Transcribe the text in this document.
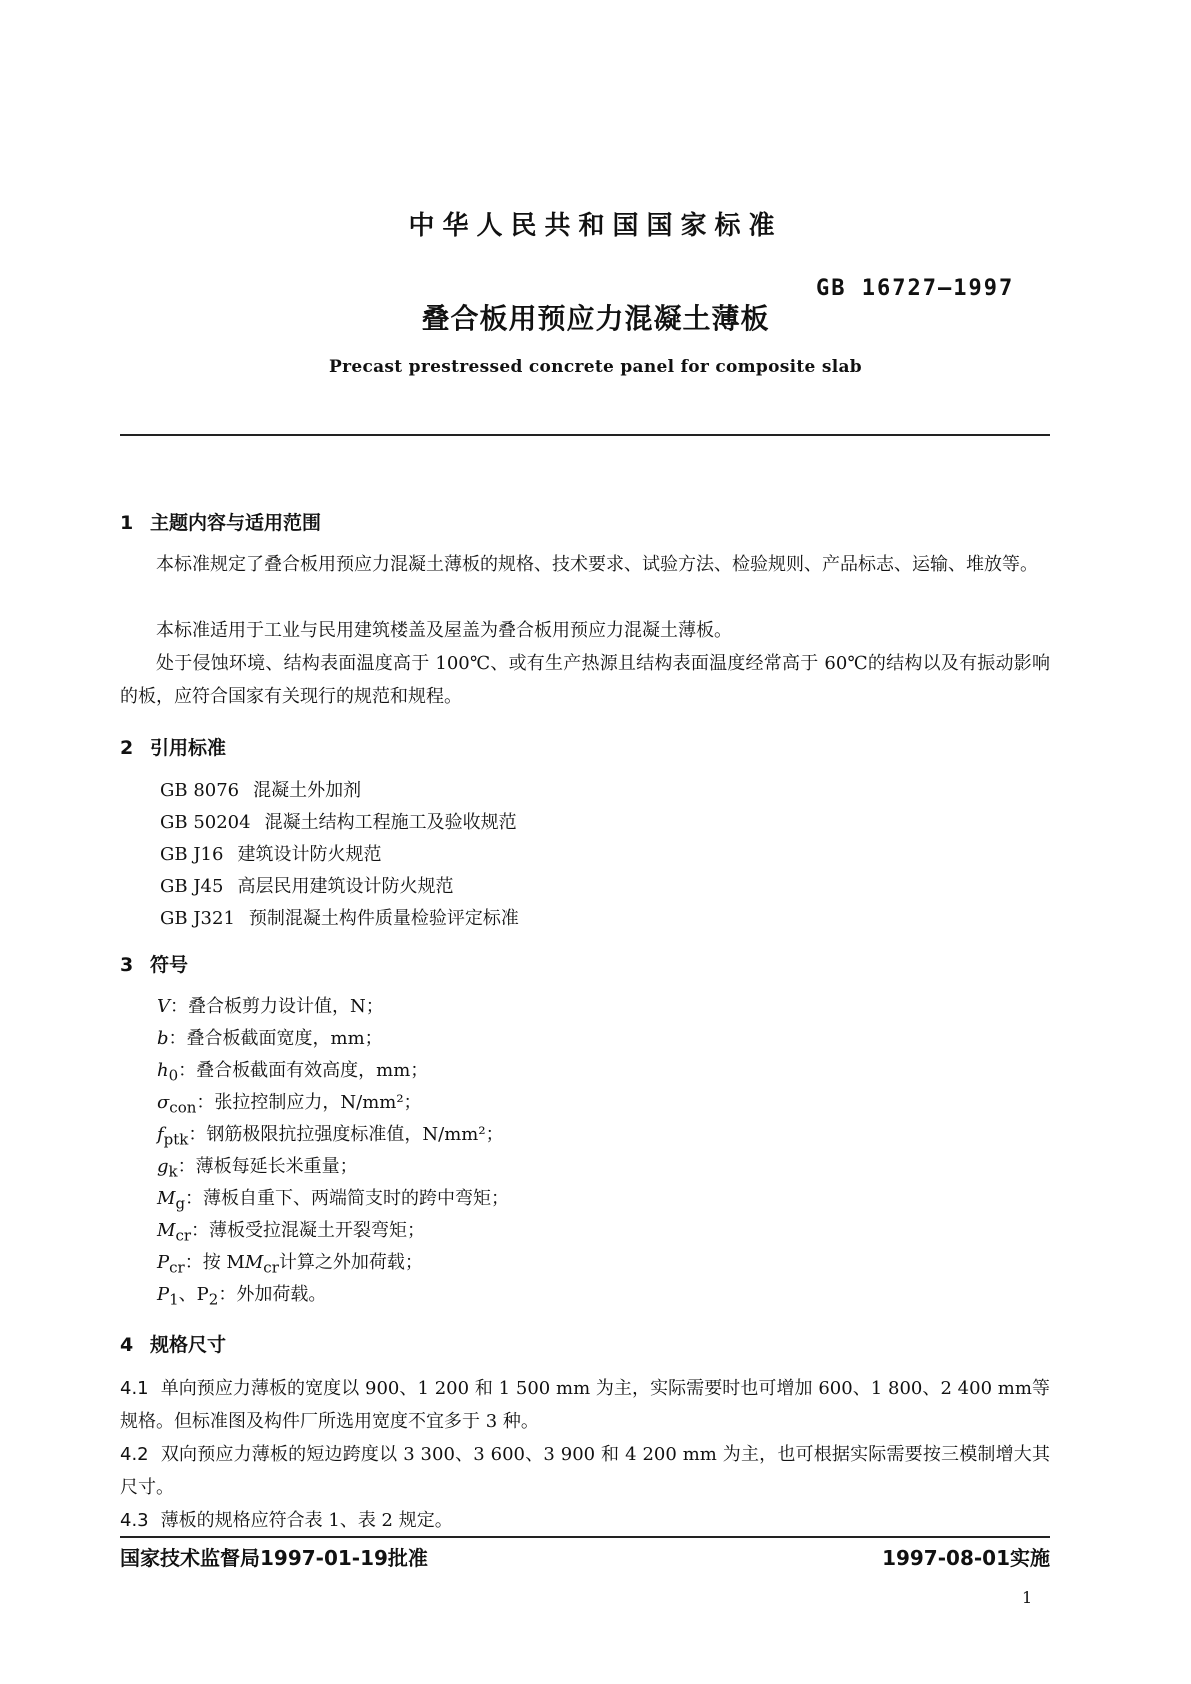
中华人民共和国国家标准
GB 16727—1997
叠合板用预应力混凝土薄板
Precast prestressed concrete panel for composite slab
1 主题内容与适用范围
本标准规定了叠合板用预应力混凝土薄板的规格、技术要求、试验方法、检验规则、产品标志、运输、堆放等。
本标准适用于工业与民用建筑楼盖及屋盖为叠合板用预应力混凝土薄板。
处于侵蚀环境、结构表面温度高于 100℃、或有生产热源且结构表面温度经常高于 60℃的结构以及有振动影响的板，应符合国家有关现行的规范和规程。
2 引用标准
GB 8076 混凝土外加剂
GB 50204 混凝土结构工程施工及验收规范
GB J16 建筑设计防火规范
GB J45 高层民用建筑设计防火规范
GB J321 预制混凝土构件质量检验评定标准
3 符号
V：叠合板剪力设计值，N；
b：叠合板截面宽度，mm；
$h_0$：叠合板截面有效高度，mm；
$\sigma_{con}$：张拉控制应力，N/mm²；
$f_{ptk}$：钢筋极限抗拉强度标准值，N/mm²；
$g_k$：薄板每延长米重量；
$M_g$：薄板自重下、两端简支时的跨中弯矩；
$M_{cr}$：薄板受拉混凝土开裂弯矩；
$P_{cr}$：按 $MM_{cr}$计算之外加荷载；
$P_1$、$P_2$：外加荷载。
4 规格尺寸
4.1 单向预应力薄板的宽度以 900、1 200 和 1 500 mm 为主，实际需要时也可增加 600、1 800、2 400 mm等规格。但标准图及构件厂所选用宽度不宜多于 3 种。
4.2 双向预应力薄板的短边跨度以 3 300、3 600、3 900 和 4 200 mm 为主，也可根据实际需要按三模制增大其尺寸。
4.3 薄板的规格应符合表 1、表 2 规定。
国家技术监督局1997-01-19批准	1997-08-01实施
1
